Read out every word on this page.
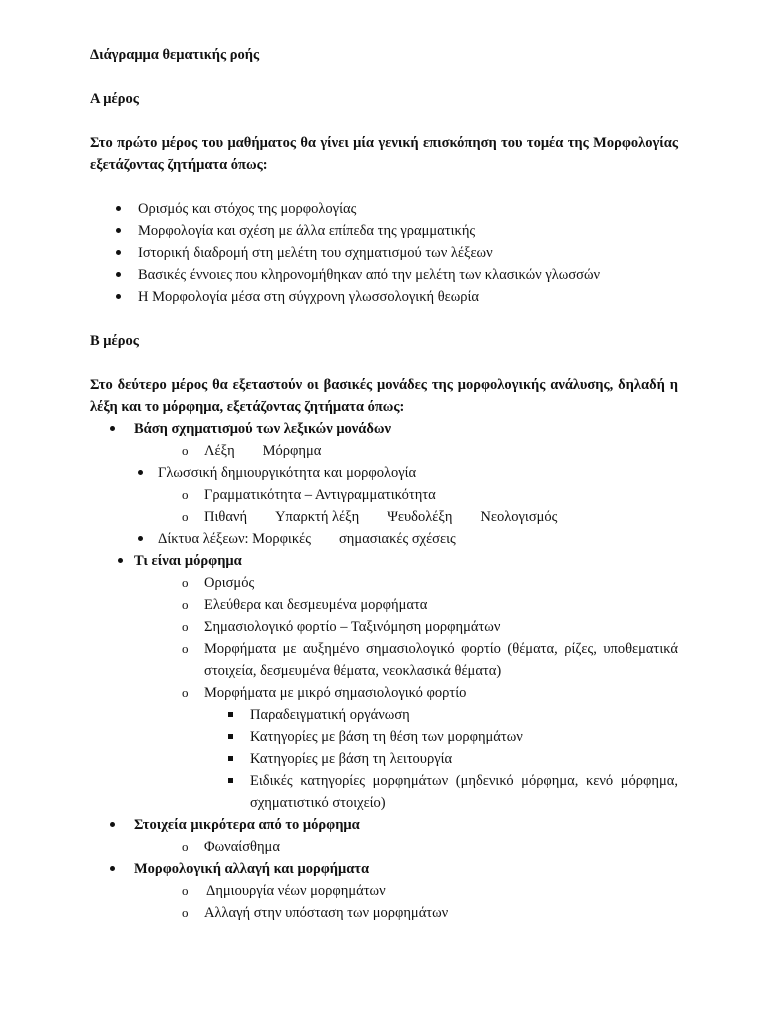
Διάγραμμα θεματικής ροής

Α μέρος

Στο πρώτο μέρος του μαθήματος θα γίνει μία γενική επισκόπηση του τομέα της Μορφολογίας εξετάζοντας ζητήματα όπως:

Ορισμός και στόχος της μορφολογίας
Μορφολογία και σχέση με άλλα επίπεδα της γραμματικής
Ιστορική διαδρομή στη μελέτη του σχηματισμού των λέξεων
Βασικές έννοιες που κληρονομήθηκαν από την μελέτη των κλασικών γλωσσών
Η Μορφολογία μέσα στη σύγχρονη γλωσσολογική θεωρία

Β μέρος

Στο δεύτερο μέρος θα εξεταστούν οι βασικές μονάδες της μορφολογικής ανάλυσης, δηλαδή η λέξη και το μόρφημα, εξετάζοντας ζητήματα όπως:

Βάση σχηματισμού των λεξικών μονάδων
o Λέξη Μόρφημα
Γλωσσική δημιουργικότητα και μορφολογία
o Γραμματικότητα – Αντιγραμματικότητα
o Πιθανή Υπαρκτή λέξη Ψευδολέξη Νεολογισμός
Δίκτυα λέξεων: Μορφικές σημασιακές σχέσεις
Τι είναι μόρφημα
o Ορισμός
o Ελεύθερα και δεσμευμένα μορφήματα
o Σημασιολογικό φορτίο – Ταξινόμηση μορφημάτων
o Μορφήματα με αυξημένο σημασιολογικό φορτίο (θέματα, ρίζες, υποθεματικά στοιχεία, δεσμευμένα θέματα, νεοκλασικά θέματα)
o Μορφήματα με μικρό σημασιολογικό φορτίο
Παραδειγματική οργάνωση
Κατηγορίες με βάση τη θέση των μορφημάτων
Κατηγορίες με βάση τη λειτουργία
Ειδικές κατηγορίες μορφημάτων (μηδενικό μόρφημα, κενό μόρφημα, σχηματιστικό στοιχείο)
Στοιχεία μικρότερα από το μόρφημα
o Φωναίσθημα
Μορφολογική αλλαγή και μορφήματα
o Δημιουργία νέων μορφημάτων
o Αλλαγή στην υπόσταση των μορφημάτων
